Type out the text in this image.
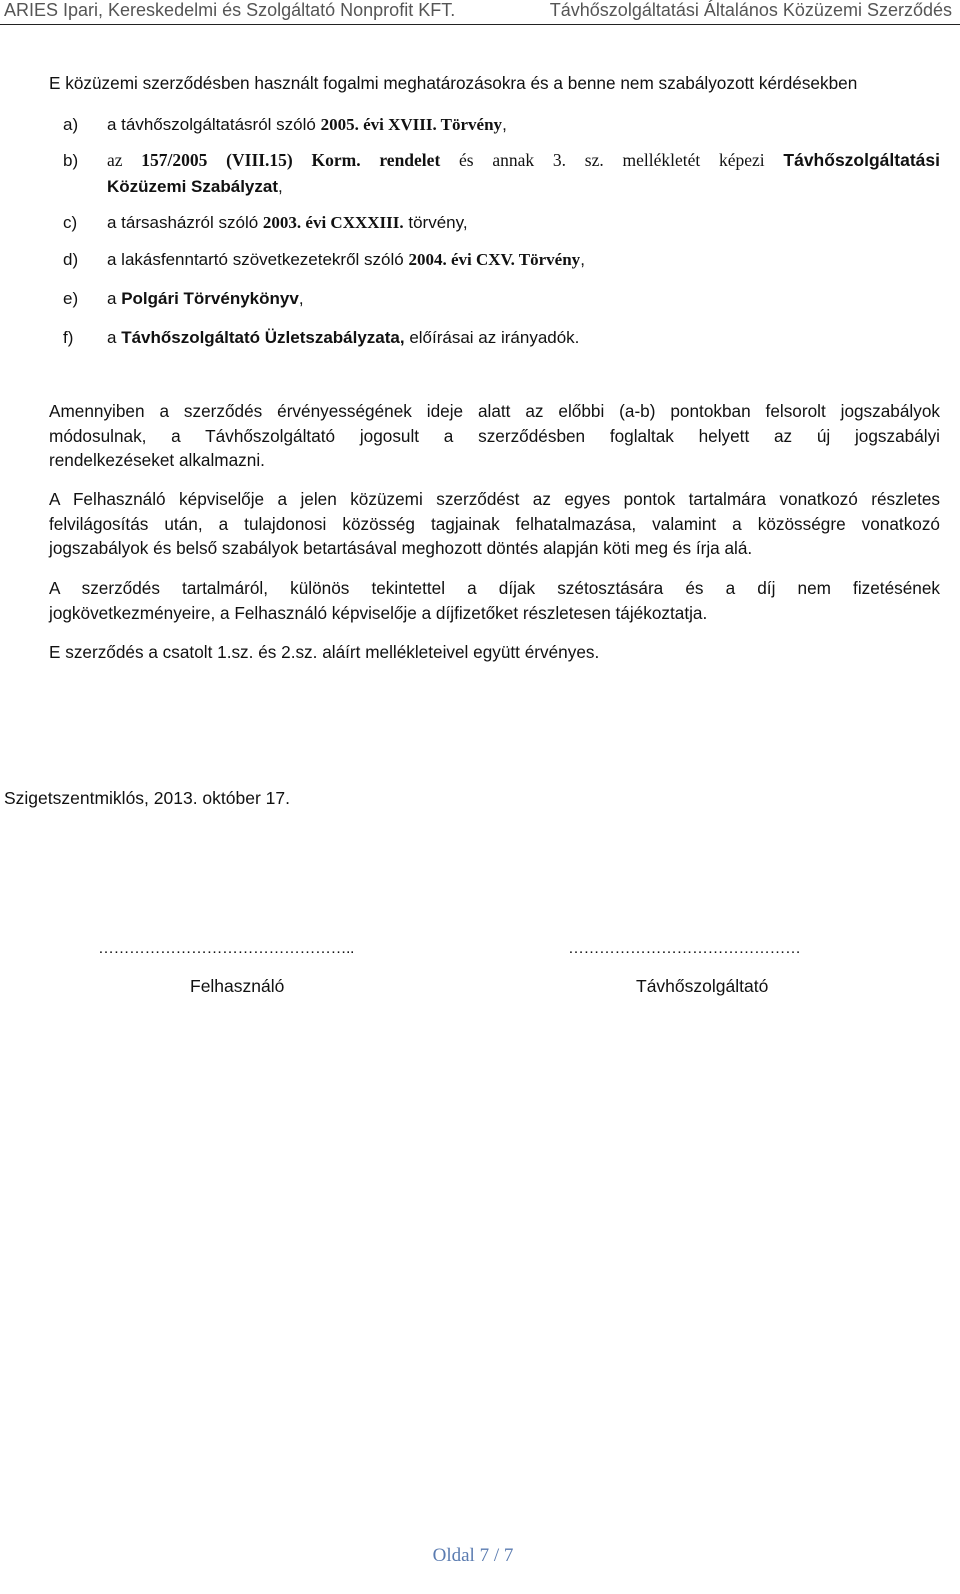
ARIES Ipari, Kereskedelmi és Szolgáltató Nonprofit KFT.	Távhőszolgáltatási Általános Közüzemi Szerződés
E közüzemi szerződésben használt fogalmi meghatározásokra és a benne nem szabályozott kérdésekben
a)	a távhőszolgáltatásról szóló 2005. évi XVIII. Törvény,
b)	az 157/2005 (VIII.15) Korm. rendelet és annak 3. sz. mellékletét képezi Távhőszolgáltatási
Közüzemi Szabályzat,
c)	a társasházról szóló 2003. évi CXXXIII. törvény,
d)	a lakásfenntartó szövetkezetekről szóló 2004. évi CXV. Törvény,
e)	a Polgári Törvénykönyv,
f)	a Távhőszolgáltató Üzletszabályzata, előírásai az irányadók.
Amennyiben a szerződés érvényességének ideje alatt az előbbi (a-b) pontokban felsorolt jogszabályok
módosulnak, a Távhőszolgáltató jogosult a szerződésben foglaltak helyett az új jogszabályi
rendelkezéseket alkalmazni.
A Felhasználó képviselője a jelen közüzemi szerződést az egyes pontok tartalmára vonatkozó részletes
felvilágosítás után, a tulajdonosi közösség tagjainak felhatalmazása, valamint a közösségre vonatkozó
jogszabályok és belső szabályok betartásával meghozott döntés alapján köti meg és írja alá.
A szerződés tartalmáról, különös tekintettel a díjak szétosztására és a díj nem fizetésének
jogkövetkezményeire, a Felhasználó képviselője a díjfizetőket részletesen tájékoztatja.
E szerződés a csatolt 1.sz. és 2.sz. aláírt mellékleteivel együtt érvényes.
Szigetszentmiklós, 2013. október 17.
…………………………………………..	………………………………………
Felhasználó	Távhőszolgáltató
Oldal 7 / 7
